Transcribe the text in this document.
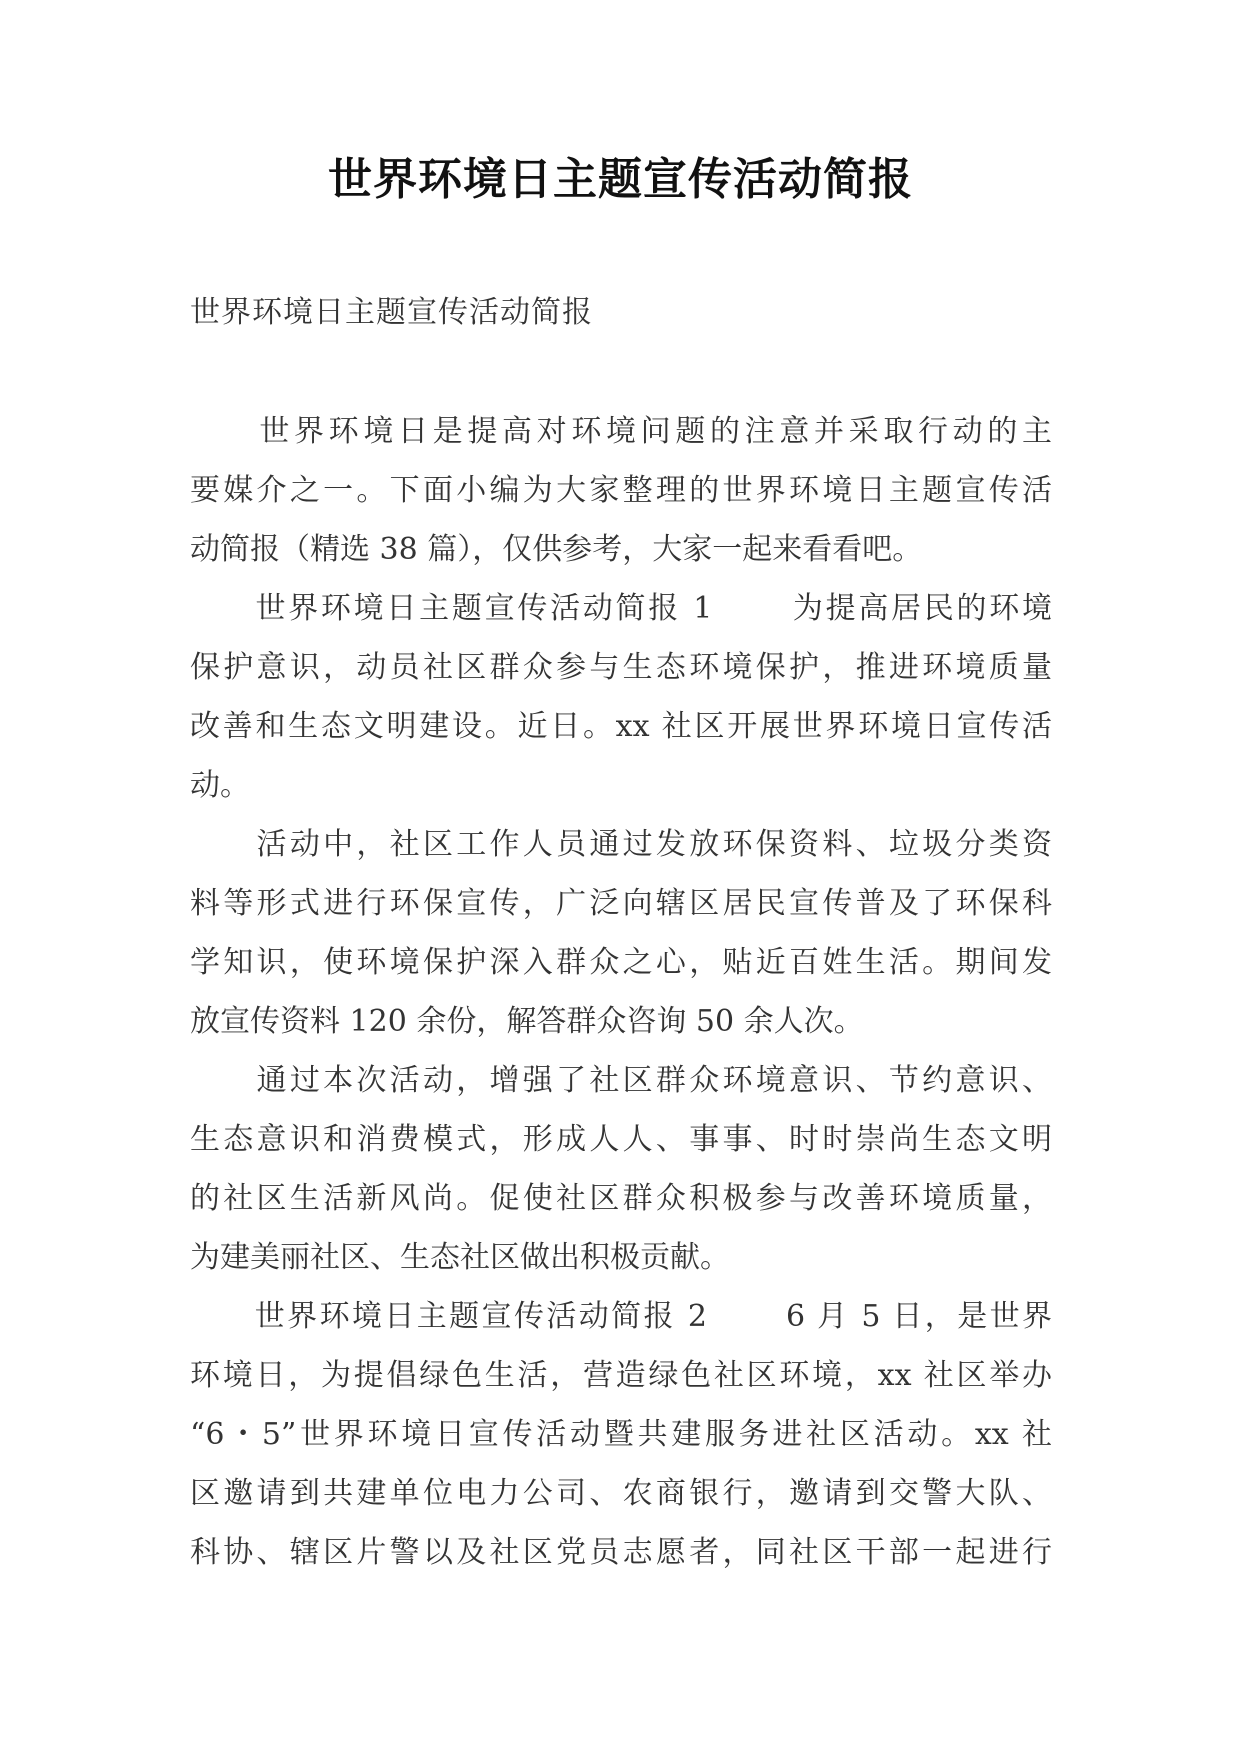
世界环境日主题宣传活动简报
世界环境日主题宣传活动简报
　　世界环境日是提高对环境问题的注意并采取行动的主
要媒介之一。下面小编为大家整理的世界环境日主题宣传活
动简报（精选 38 篇），仅供参考，大家一起来看看吧。
　　世界环境日主题宣传活动简报 1　　 为提高居民的环境
保护意识，动员社区群众参与生态环境保护，推进环境质量
改善和生态文明建设。近日。xx 社区开展世界环境日宣传活
动。
　　活动中，社区工作人员通过发放环保资料、垃圾分类资
料等形式进行环保宣传，广泛向辖区居民宣传普及了环保科
学知识，使环境保护深入群众之心，贴近百姓生活。期间发
放宣传资料 120 余份，解答群众咨询 50 余人次。
　　通过本次活动，增强了社区群众环境意识、节约意识、
生态意识和消费模式，形成人人、事事、时时崇尚生态文明
的社区生活新风尚。促使社区群众积极参与改善环境质量，
为建美丽社区、生态社区做出积极贡献。
　　世界环境日主题宣传活动简报 2　　 6 月 5 日，是世界
环境日，为提倡绿色生活，营造绿色社区环境，xx 社区举办
“6・5”世界环境日宣传活动暨共建服务进社区活动。xx 社
区邀请到共建单位电力公司、农商银行，邀请到交警大队、
科协、辖区片警以及社区党员志愿者，同社区干部一起进行
